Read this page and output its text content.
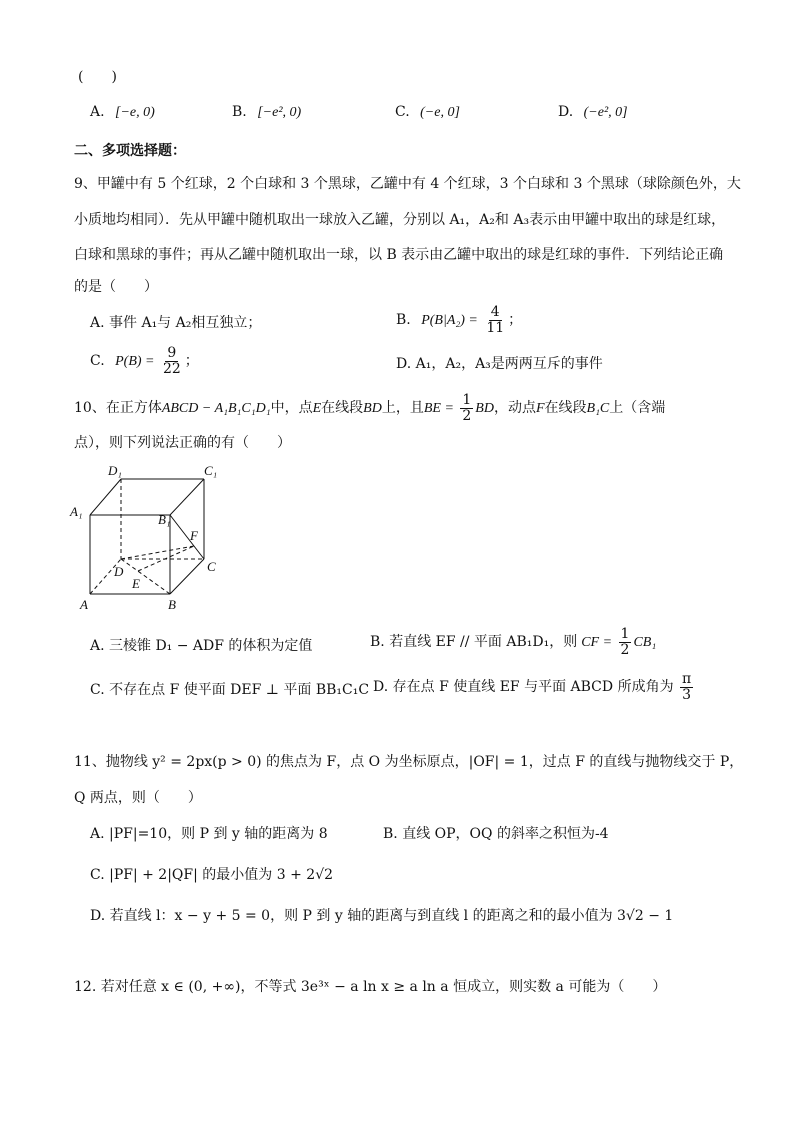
(　　)
A. [−e, 0)	B. [−e², 0)	C. (−e, 0]	D. (−e², 0]
二、多项选择题：
9、甲罐中有 5 个红球，2 个白球和 3 个黑球，乙罐中有 4 个红球，3 个白球和 3 个黑球（球除颜色外，大
小质地均相同）．先从甲罐中随机取出一球放入乙罐，分别以 A₁，A₂和 A₃表示由甲罐中取出的球是红球，
白球和黑球的事件；再从乙罐中随机取出一球，以 B 表示由乙罐中取出的球是红球的事件．下列结论正确
的是（　　）
A. 事件 A₁与 A₂相互独立；	B. $P(B|A_2) = \frac{4}{11}$ ；
C. $P(B) = \frac{9}{22}$ ；	D. A₁，A₂，A₃是两两互斥的事件
10、在正方体ABCD − A₁B₁C₁D₁中，点E在线段BD上，且BE = $\frac{1}{2}$ BD，动点F在线段B₁C上（含端
点），则下列说法正确的有（　　）
D₁	C₁
A₁
B₁
F
C
D
E
A	B
A. 三棱锥 D₁ − ADF 的体积为定值	B. 若直线 EF // 平面 AB₁D₁，则 CF = $\frac{1}{2} CB_1$
C. 不存在点 F 使平面 DEF ⊥ 平面 BB₁C₁C D. 存在点 F 使直线 EF 与平面 ABCD 所成角为 $\frac{\pi}{3}$
11、抛物线 y² = 2px(p > 0) 的焦点为 F，点 O 为坐标原点，|OF| = 1，过点 F 的直线与抛物线交于 P，
Q 两点，则（　　）
A. |PF|=10，则 P 到 y 轴的距离为 8	B. 直线 OP，OQ 的斜率之积恒为-4
C. |PF| + 2|QF| 的最小值为 3 + 2√2
D. 若直线 l：x − y + 5 = 0，则 P 到 y 轴的距离与到直线 l 的距离之和的最小值为 3√2 − 1
12. 若对任意 x ∈ (0, +∞)，不等式 3e³ˣ − a ln x ≥ a ln a 恒成立，则实数 a 可能为（　　）
